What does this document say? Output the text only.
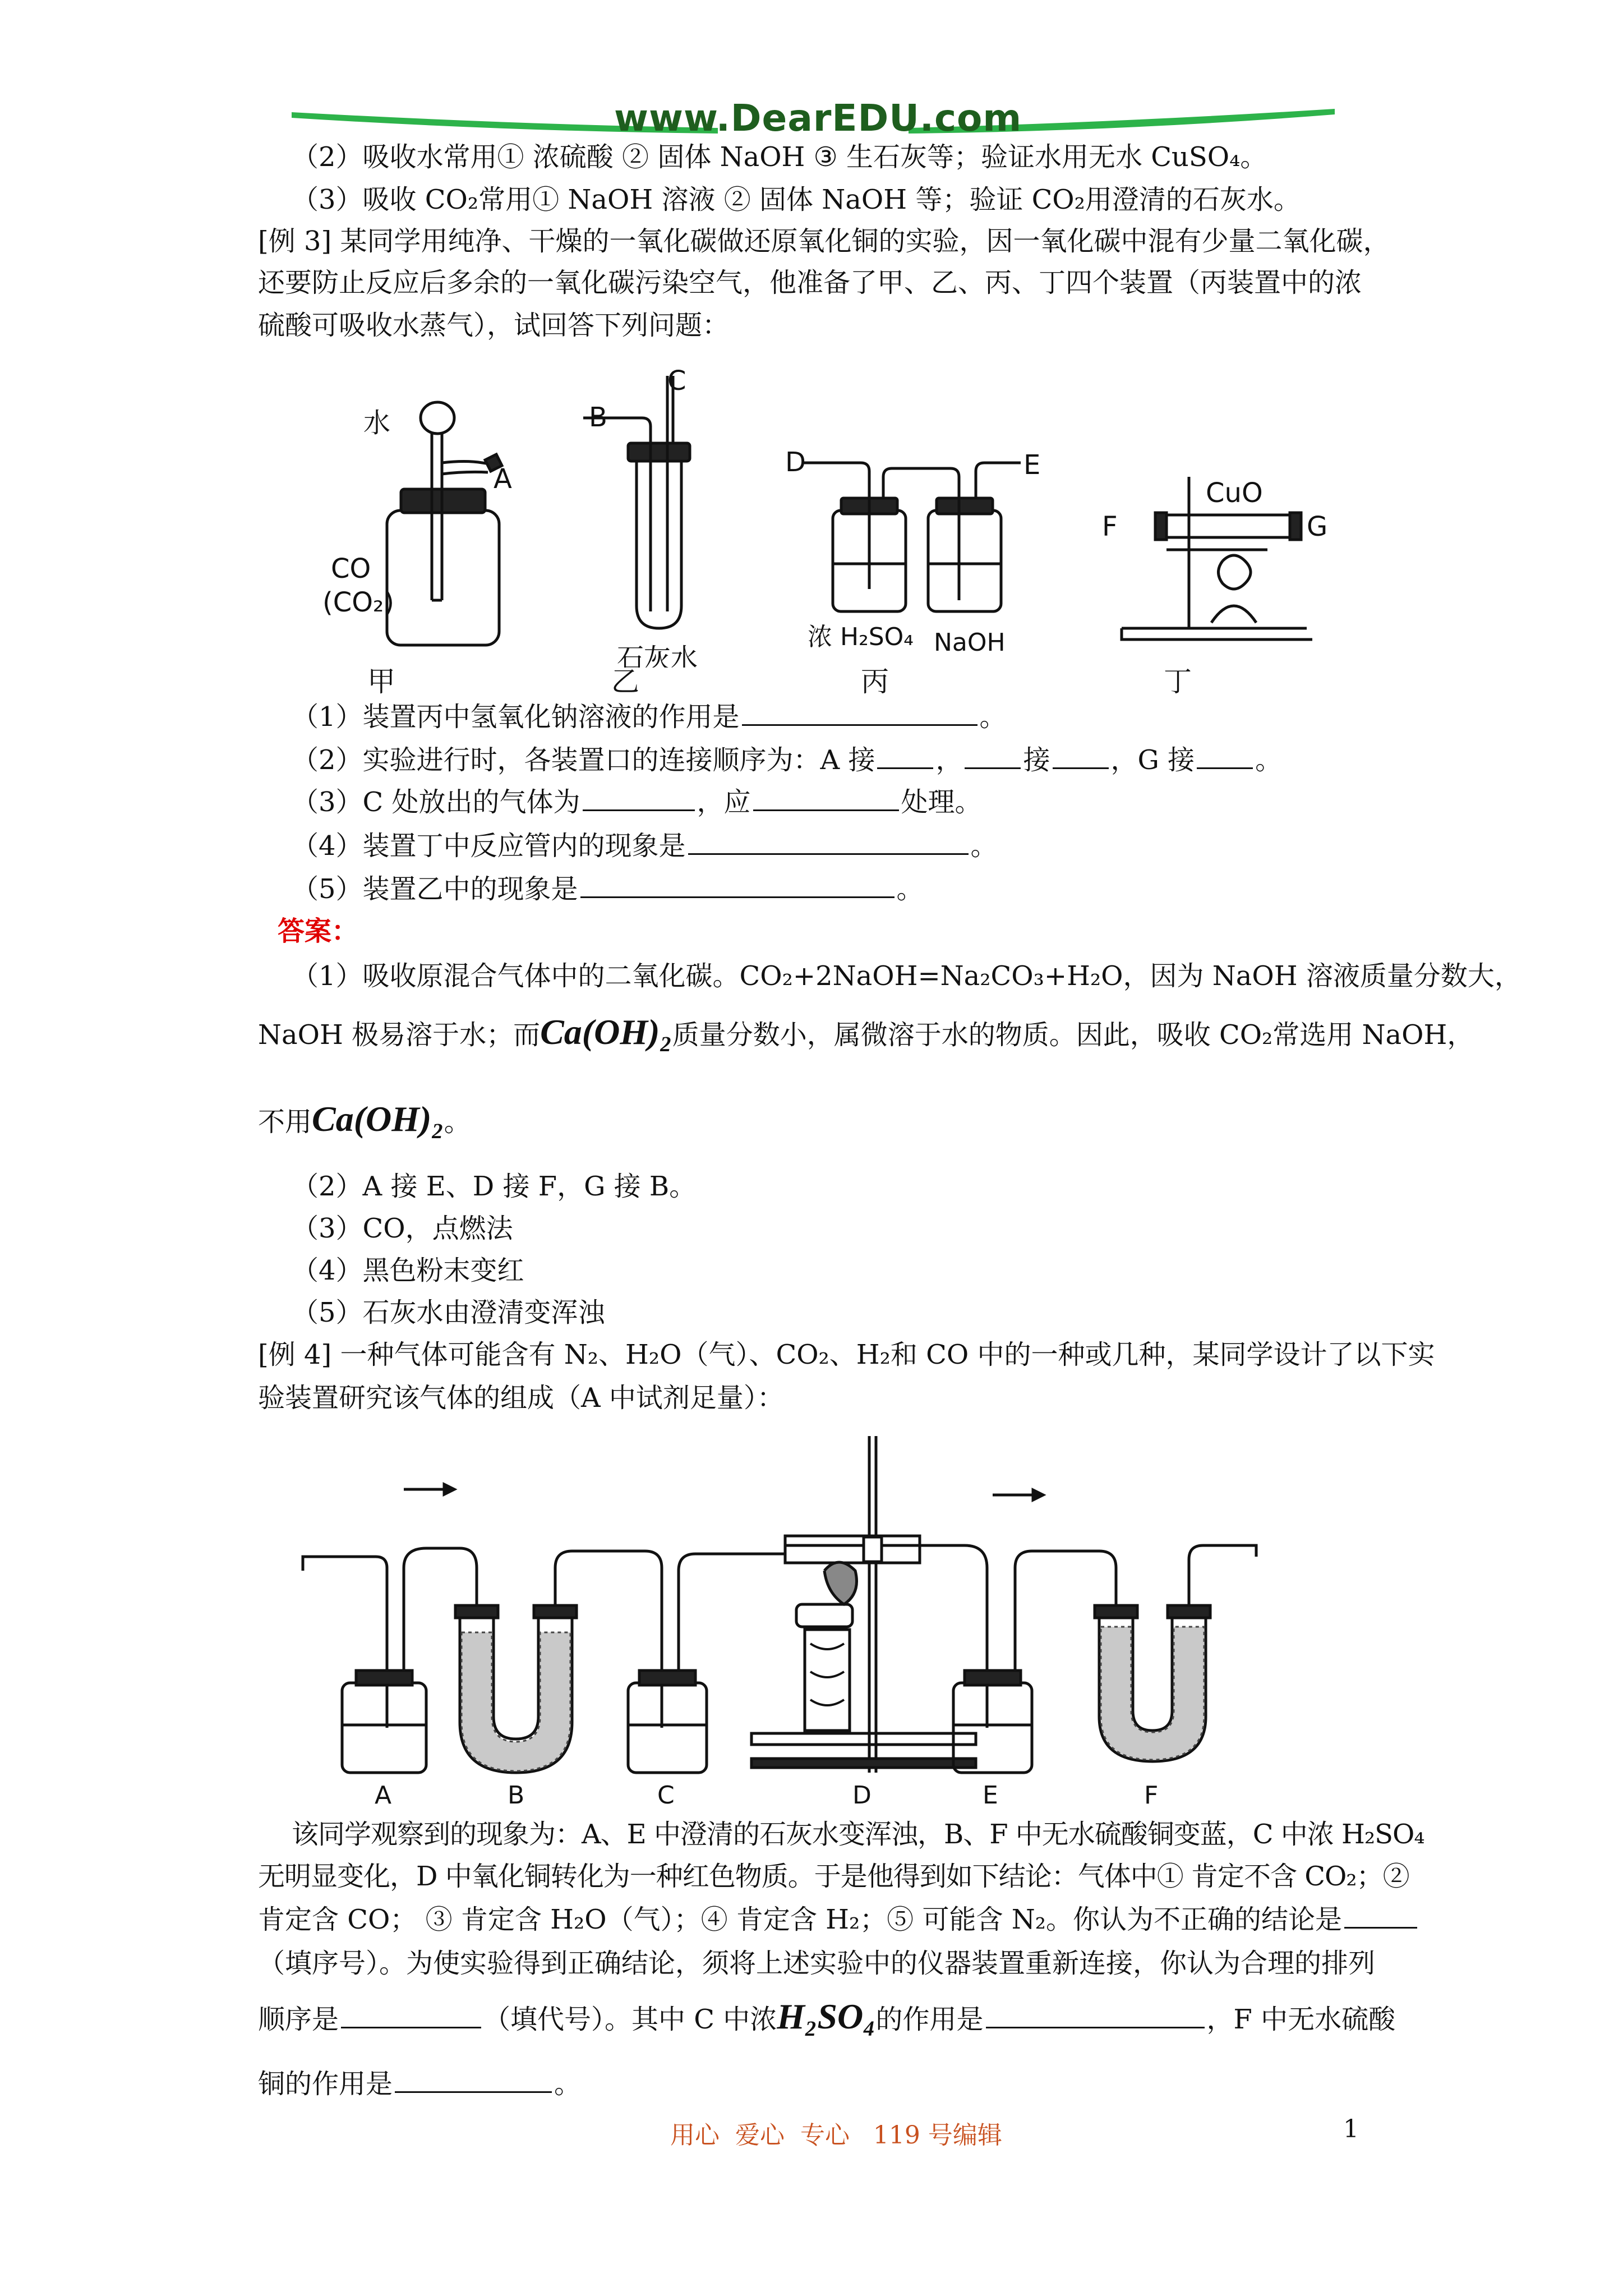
www.DearEDU.com
（2）吸收水常用① 浓硫酸 ② 固体 NaOH ③ 生石灰等；验证水用无水 CuSO₄。
（3）吸收 CO₂常用① NaOH 溶液 ② 固体 NaOH 等；验证 CO₂用澄清的石灰水。
[例 3] 某同学用纯净、干燥的一氧化碳做还原氧化铜的实验，因一氧化碳中混有少量二氧化碳，
还要防止反应后多余的一氧化碳污染空气，他准备了甲、乙、丙、丁四个装置（丙装置中的浓
硫酸可吸收水蒸气），试回答下列问题：
水
A
CO
(CO₂)
B
C
石灰水
D	E
浓 H₂SO₄ NaOH
CuO
F	G
甲	乙	丙	丁
（1）装置丙中氢氧化钠溶液的作用是	。
（2）实验进行时，各装置口的连接顺序为：A 接 ， 接 ，G 接 。
（3）C 处放出的气体为	，应	处理。
（4）装置丁中反应管内的现象是	。
（5）装置乙中的现象是	。
答案：
（1）吸收原混合气体中的二氧化碳。CO₂+2NaOH=Na₂CO₃+H₂O，因为 NaOH 溶液质量分数大，
NaOH 极易溶于水；而Ca(OH)₂质量分数小，属微溶于水的物质。因此，吸收 CO₂常选用 NaOH，
不用Ca(OH)₂。
（2）A 接 E、D 接 F，G 接 B。
（3）CO，点燃法
（4）黑色粉末变红
（5）石灰水由澄清变浑浊
[例 4] 一种气体可能含有 N₂、H₂O（气）、CO₂、H₂和 CO 中的一种或几种，某同学设计了以下实
验装置研究该气体的组成（A 中试剂足量）：
A	B	C	D	E	F
该同学观察到的现象为：A、E 中澄清的石灰水变浑浊，B、F 中无水硫酸铜变蓝，C 中浓 H₂SO₄
无明显变化，D 中氧化铜转化为一种红色物质。于是他得到如下结论：气体中① 肯定不含 CO₂；②
肯定含 CO； ③ 肯定含 H₂O（气）；④ 肯定含 H₂；⑤ 可能含 N₂。你认为不正确的结论是
（填序号）。为使实验得到正确结论，须将上述实验中的仪器装置重新连接，你认为合理的排列
顺序是	（填代号）。其中 C 中浓H₂SO₄的作用是	，F 中无水硫酸
铜的作用是	。
用心  爱心  专心   119 号编辑	1
